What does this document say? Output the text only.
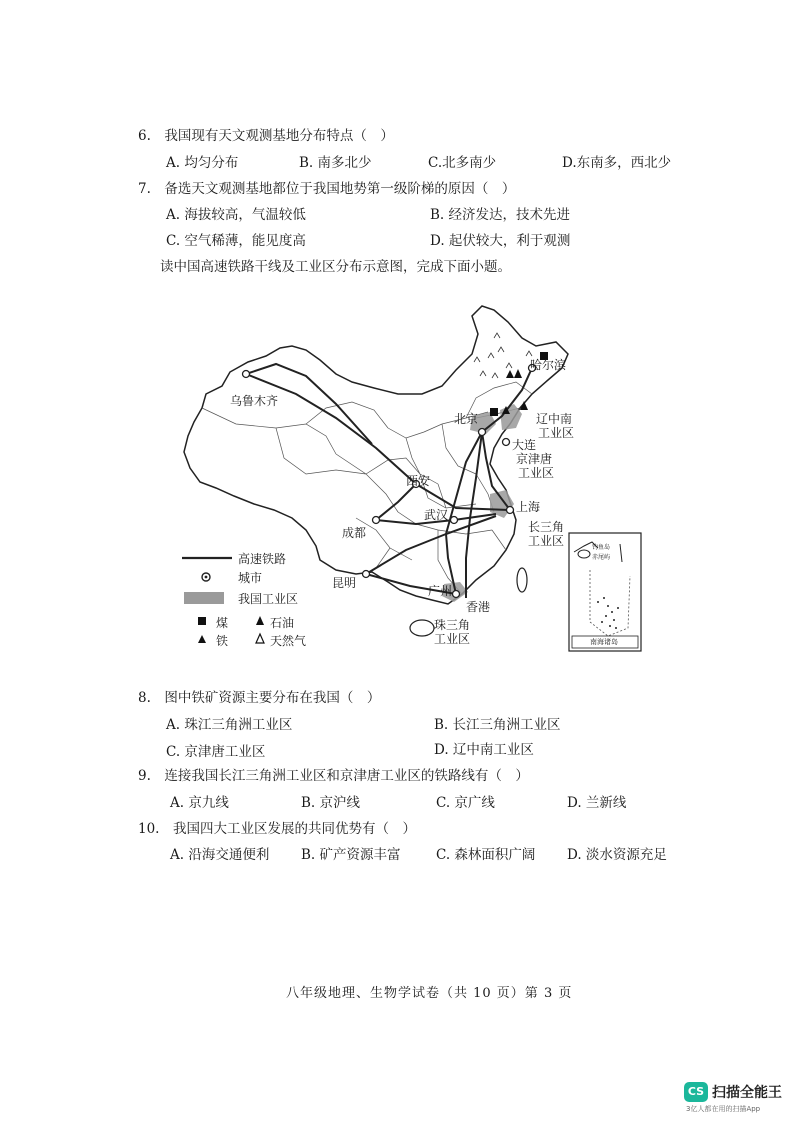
6. 我国现有天文观测基地分布特点（　）
A. 均匀分布	B. 南多北少	C.北多南少	D.东南多，西北少
7. 备选天文观测基地都位于我国地势第一级阶梯的原因（　）
A. 海拔较高，气温较低	B. 经济发达，技术先进
C. 空气稀薄，能见度高	D. 起伏较大，利于观测
读中国高速铁路干线及工业区分布示意图，完成下面小题。
乌鲁木齐
哈尔滨
北京	辽中南
工业区
大连
京津唐
工业区
西安
武汉
成都
上海
长三角
工业区
昆明
广州
香港
珠三角
工业区
高速铁路
城市
我国工业区
煤	石油
铁	天然气
钓鱼岛
赤尾屿
南海诸岛
8. 图中铁矿资源主要分布在我国（　）
A. 珠江三角洲工业区	B. 长江三角洲工业区
C. 京津唐工业区	D. 辽中南工业区
9. 连接我国长江三角洲工业区和京津唐工业区的铁路线有（　）
A. 京九线	B. 京沪线	C. 京广线	D. 兰新线
10. 我国四大工业区发展的共同优势有（　）
A. 沿海交通便利 B. 矿产资源丰富	C. 森林面积广阔 D. 淡水资源充足
八年级地理、生物学试卷（共 10 页）第 3 页
CS 扫描全能王
3亿人都在用的扫描App
